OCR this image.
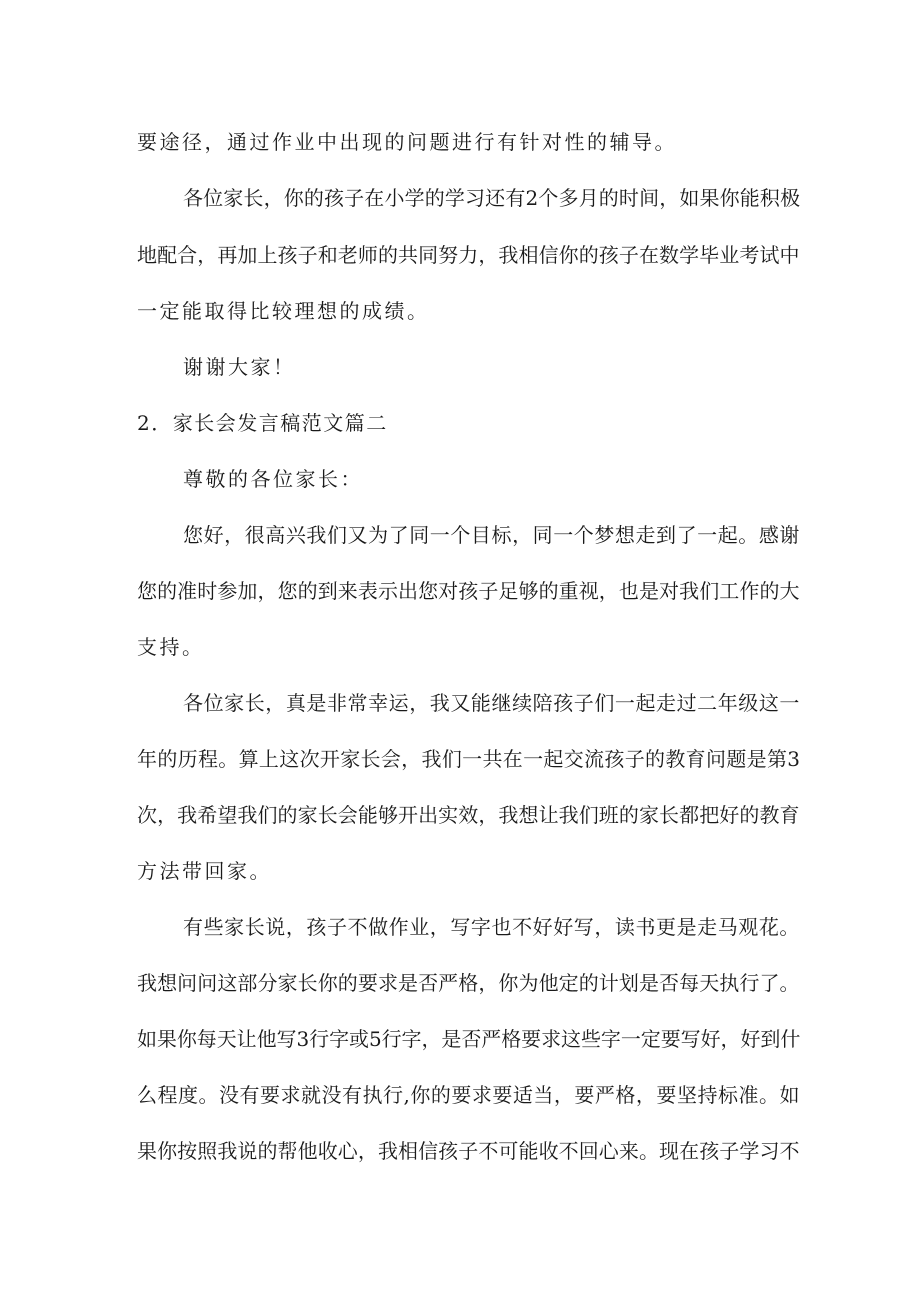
要途径，通过作业中出现的问题进行有针对性的辅导。
各位家长，你的孩子在小学的学习还有2个多月的时间，如果你能积极
地配合，再加上孩子和老师的共同努力，我相信你的孩子在数学毕业考试中
一定能取得比较理想的成绩。
谢谢大家！
2．家长会发言稿范文篇二
尊敬的各位家长：
您好，很高兴我们又为了同一个目标，同一个梦想走到了一起。感谢
您的准时参加，您的到来表示出您对孩子足够的重视，也是对我们工作的大
支持。
各位家长，真是非常幸运，我又能继续陪孩子们一起走过二年级这一
年的历程。算上这次开家长会，我们一共在一起交流孩子的教育问题是第3
次，我希望我们的家长会能够开出实效，我想让我们班的家长都把好的教育
方法带回家。
有些家长说，孩子不做作业，写字也不好好写，读书更是走马观花。
我想问问这部分家长你的要求是否严格，你为他定的计划是否每天执行了。
如果你每天让他写3行字或5行字，是否严格要求这些字一定要写好，好到什
么程度。没有要求就没有执行,你的要求要适当，要严格，要坚持标准。如
果你按照我说的帮他收心，我相信孩子不可能收不回心来。现在孩子学习不
